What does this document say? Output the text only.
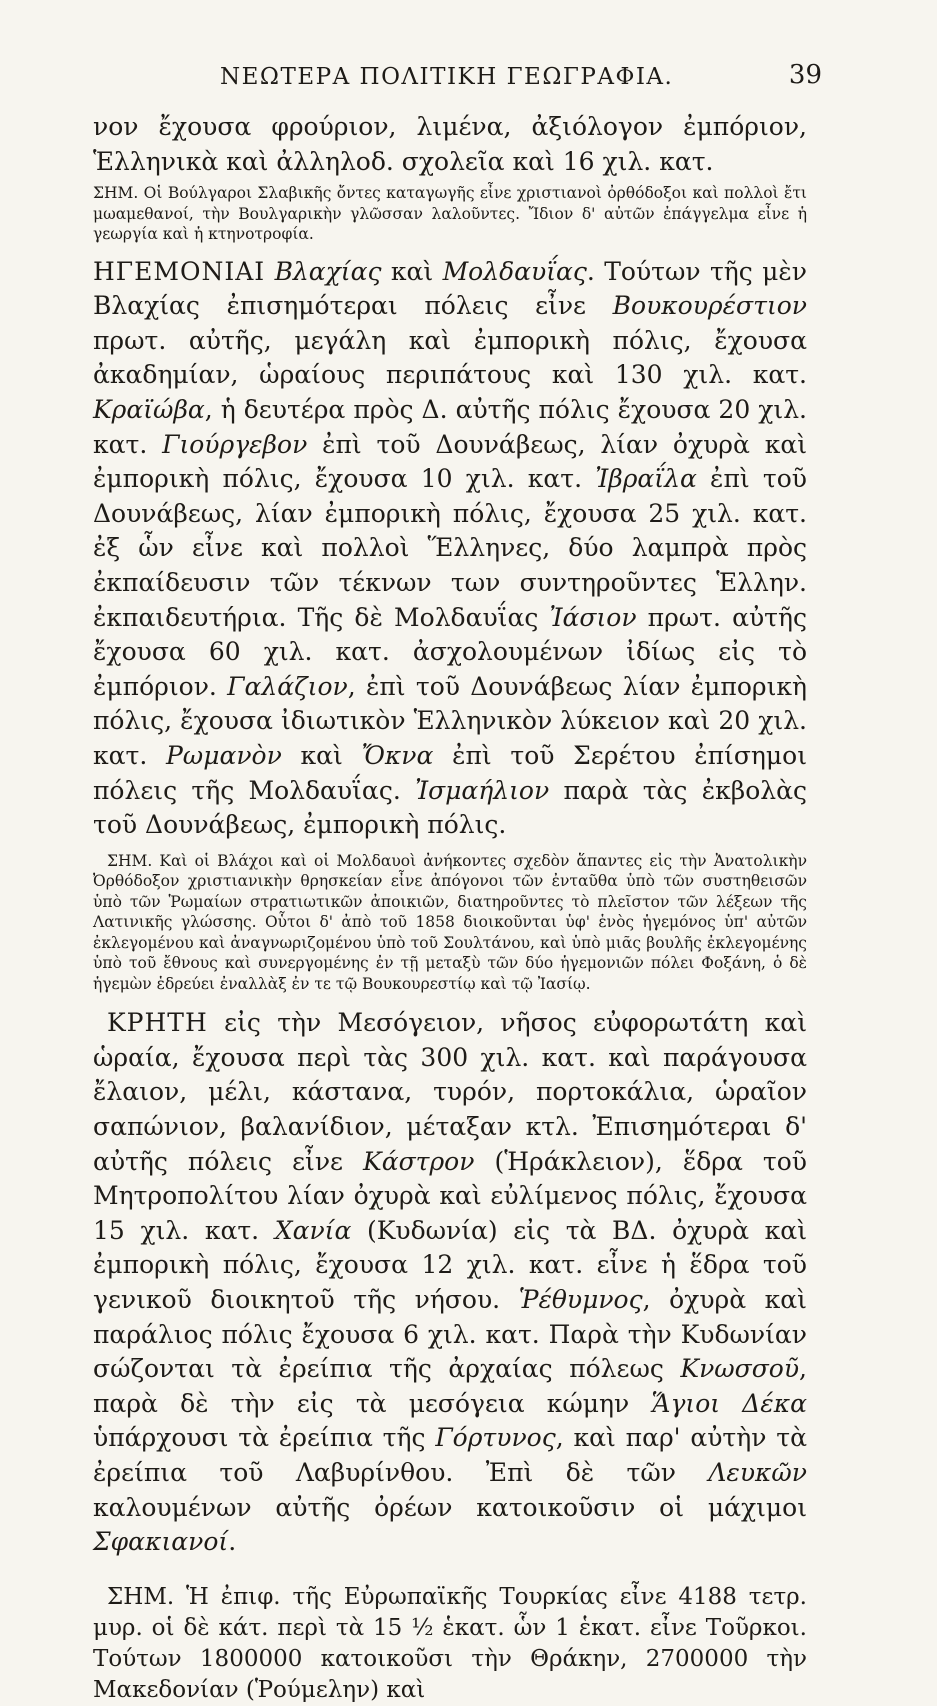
ΝΕΩΤΕΡΑ ΠΟΛΙΤΙΚΗ ΓΕΩΓΡΑΦΙΑ.	39

νον ἔχουσα φρούριον, λιμένα, ἀξιόλογον ἐμπόριον, Ἑλληνικὰ καὶ ἀλληλοδ. σχολεῖα καὶ 16 χιλ. κατ.

ΣΗΜ. Οἱ Βούλγαροι Σλαβικῆς ὄντες καταγωγῆς εἶνε χριστιανοὶ ὀρθόδοξοι καὶ πολλοὶ ἔτι μωαμεθανοί, τὴν Βουλγαρικὴν γλῶσσαν λαλοῦντες. Ἴδιον δ' αὐτῶν ἐπάγγελμα εἶνε ἡ γεωργία καὶ ἡ κτηνοτροφία.

ΗΓΕΜΟΝΙΑΙ Βλαχίας καὶ Μολδαυΐας. Τούτων τῆς μὲν Βλαχίας ἐπισημότεραι πόλεις εἶνε Βουκουρέστιον πρωτ. αὐτῆς, μεγάλη καὶ ἐμπορικὴ πόλις, ἔχουσα ἀκαδημίαν, ὡραίους περιπάτους καὶ 130 χιλ. κατ. Κραϊώβα, ἡ δευτέρα πρὸς Δ. αὐτῆς πόλις ἔχουσα 20 χιλ. κατ. Γιούργεβον ἐπὶ τοῦ Δουνάβεως, λίαν ὀχυρὰ καὶ ἐμπορικὴ πόλις, ἔχουσα 10 χιλ. κατ. Ἰβραΐλα ἐπὶ τοῦ Δουνάβεως, λίαν ἐμπορικὴ πόλις, ἔχουσα 25 χιλ. κατ. ἐξ ὧν εἶνε καὶ πολλοὶ Ἕλληνες, δύο λαμπρὰ πρὸς ἐκπαίδευσιν τῶν τέκνων των συντηροῦντες Ἑλλην. ἐκπαιδευτήρια. Τῆς δὲ Μολδαυΐας Ἰάσιον πρωτ. αὐτῆς ἔχουσα 60 χιλ. κατ. ἀσχολουμένων ἰδίως εἰς τὸ ἐμπόριον. Γαλάζιον, ἐπὶ τοῦ Δουνάβεως λίαν ἐμπορικὴ πόλις, ἔχουσα ἰδιωτικὸν Ἑλληνικὸν λύκειον καὶ 20 χιλ. κατ. Ρωμανὸν καὶ Ὄκνα ἐπὶ τοῦ Σερέτου ἐπίσημοι πόλεις τῆς Μολδαυΐας. Ἰσμαήλιον παρὰ τὰς ἐκβολὰς τοῦ Δουνάβεως, ἐμπορικὴ πόλις.

ΣΗΜ. Καὶ οἱ Βλάχοι καὶ οἱ Μολδαυοὶ ἀνήκοντες σχεδὸν ἅπαντες εἰς τὴν Ἀνατολικὴν Ὀρθόδοξον χριστιανικὴν θρησκείαν εἶνε ἀπόγονοι τῶν ἐνταῦθα ὑπὸ τῶν συστηθεισῶν ὑπὸ τῶν Ῥωμαίων στρατιωτικῶν ἀποικιῶν, διατηροῦντες τὸ πλεῖστον τῶν λέξεων τῆς Λατινικῆς γλώσσης. Οὗτοι δ' ἀπὸ τοῦ 1858 διοικοῦνται ὑφ' ἑνὸς ἡγεμόνος ὑπ' αὐτῶν ἐκλεγομένου καὶ ἀναγνωριζομένου ὑπὸ τοῦ Σουλτάνου, καὶ ὑπὸ μιᾶς βουλῆς ἐκλεγομένης ὑπὸ τοῦ ἔθνους καὶ συνεργομένης ἐν τῇ μεταξὺ τῶν δύο ἡγεμονιῶν πόλει Φοξάνη, ὁ δὲ ἡγεμὼν ἑδρεύει ἐναλλὰξ ἐν τε τῷ Βουκουρεστίῳ καὶ τῷ Ἰασίῳ.

ΚΡΗΤΗ εἰς τὴν Μεσόγειον, νῆσος εὐφορωτάτη καὶ ὡραία, ἔχουσα περὶ τὰς 300 χιλ. κατ. καὶ παράγουσα ἔλαιον, μέλι, κάστανα, τυρόν, πορτοκάλια, ὡραῖον σαπώνιον, βαλανίδιον, μέταξαν κτλ. Ἐπισημότεραι δ' αὐτῆς πόλεις εἶνε Κάστρον (Ἡράκλειον), ἕδρα τοῦ Μητροπολίτου λίαν ὀχυρὰ καὶ εὐλίμενος πόλις, ἔχουσα 15 χιλ. κατ. Χανία (Κυδωνία) εἰς τὰ ΒΔ. ὀχυρὰ καὶ ἐμπορικὴ πόλις, ἔχουσα 12 χιλ. κατ. εἶνε ἡ ἕδρα τοῦ γενικοῦ διοικητοῦ τῆς νήσου. Ῥέθυμνος, ὀχυρὰ καὶ παράλιος πόλις ἔχουσα 6 χιλ. κατ. Παρὰ τὴν Κυδωνίαν σώζονται τὰ ἐρείπια τῆς ἀρχαίας πόλεως Κνωσσοῦ, παρὰ δὲ τὴν εἰς τὰ μεσόγεια κώμην Ἅγιοι Δέκα ὑπάρχουσι τὰ ἐρείπια τῆς Γόρτυνος, καὶ παρ' αὐτὴν τὰ ἐρείπια τοῦ Λαβυρίνθου. Ἐπὶ δὲ τῶν Λευκῶν καλουμένων αὐτῆς ὀρέων κατοικοῦσιν οἱ μάχιμοι Σφακιανοί.

ΣΗΜ. Ἡ ἐπιφ. τῆς Εὐρωπαϊκῆς Τουρκίας εἶνε 4188 τετρ. μυρ. οἱ δὲ κάτ. περὶ τὰ 15 ½ ἑκατ. ὧν 1 ἑκατ. εἶνε Τοῦρκοι. Τούτων 1800000 κατοικοῦσι τὴν Θράκην, 2700000 τὴν Μακεδονίαν (Ῥούμελην) καὶ
